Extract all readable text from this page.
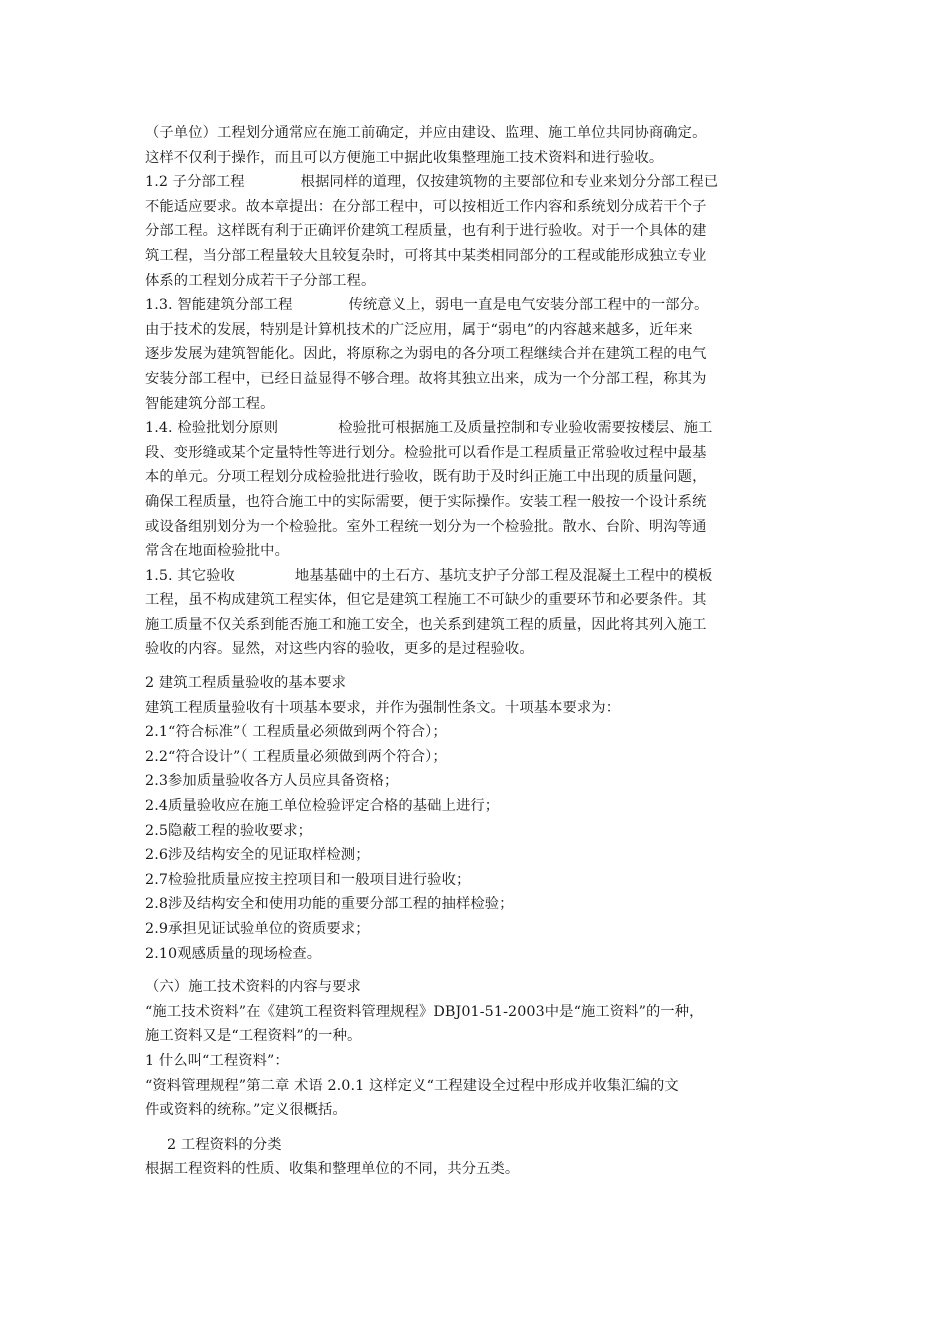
（子单位）工程划分通常应在施工前确定，并应由建设、监理、施工单位共同协商确定。
这样不仅利于操作，而且可以方便施工中据此收集整理施工技术资料和进行验收。
1.2 子分部工程	根据同样的道理，仅按建筑物的主要部位和专业来划分分部工程已
不能适应要求。故本章提出：在分部工程中，可以按相近工作内容和系统划分成若干个子
分部工程。这样既有利于正确评价建筑工程质量，也有利于进行验收。对于一个具体的建
筑工程，当分部工程量较大且较复杂时，可将其中某类相同部分的工程或能形成独立专业
体系的工程划分成若干子分部工程。
1.3. 智能建筑分部工程	传统意义上，弱电一直是电气安装分部工程中的一部分。
由于技术的发展，特别是计算机技术的广泛应用，属于“弱电”的内容越来越多，近年来
逐步发展为建筑智能化。因此，将原称之为弱电的各分项工程继续合并在建筑工程的电气
安装分部工程中，已经日益显得不够合理。故将其独立出来，成为一个分部工程，称其为
智能建筑分部工程。
1.4. 检验批划分原则	检验批可根据施工及质量控制和专业验收需要按楼层、施工
段、变形缝或某个定量特性等进行划分。检验批可以看作是工程质量正常验收过程中最基
本的单元。分项工程划分成检验批进行验收，既有助于及时纠正施工中出现的质量问题，
确保工程质量，也符合施工中的实际需要，便于实际操作。安装工程一般按一个设计系统
或设备组别划分为一个检验批。室外工程统一划分为一个检验批。散水、台阶、明沟等通
常含在地面检验批中。
1.5. 其它验收	地基基础中的土石方、基坑支护子分部工程及混凝土工程中的模板
工程，虽不构成建筑工程实体，但它是建筑工程施工不可缺少的重要环节和必要条件。其
施工质量不仅关系到能否施工和施工安全，也关系到建筑工程的质量，因此将其列入施工
验收的内容。显然，对这些内容的验收，更多的是过程验收。
2 建筑工程质量验收的基本要求
建筑工程质量验收有十项基本要求，并作为强制性条文。十项基本要求为：
2.1“符合标准”（ 工程质量必须做到两个符合）；
2.2“符合设计”（ 工程质量必须做到两个符合）；
2.3参加质量验收各方人员应具备资格；
2.4质量验收应在施工单位检验评定合格的基础上进行；
2.5隐蔽工程的验收要求；
2.6涉及结构安全的见证取样检测；
2.7检验批质量应按主控项目和一般项目进行验收；
2.8涉及结构安全和使用功能的重要分部工程的抽样检验；
2.9承担见证试验单位的资质要求；
2.10观感质量的现场检查。
（六）施工技术资料的内容与要求
“施工技术资料”在《建筑工程资料管理规程》DBJ01-51-2003中是“施工资料”的一种，
施工资料又是“工程资料”的一种。
1 什么叫“工程资料”：
“资料管理规程”第二章 术语 2.0.1 这样定义“工程建设全过程中形成并收集汇编的文
件或资料的统称。”定义很概括。
2 工程资料的分类
根据工程资料的性质、收集和整理单位的不同，共分五类。
